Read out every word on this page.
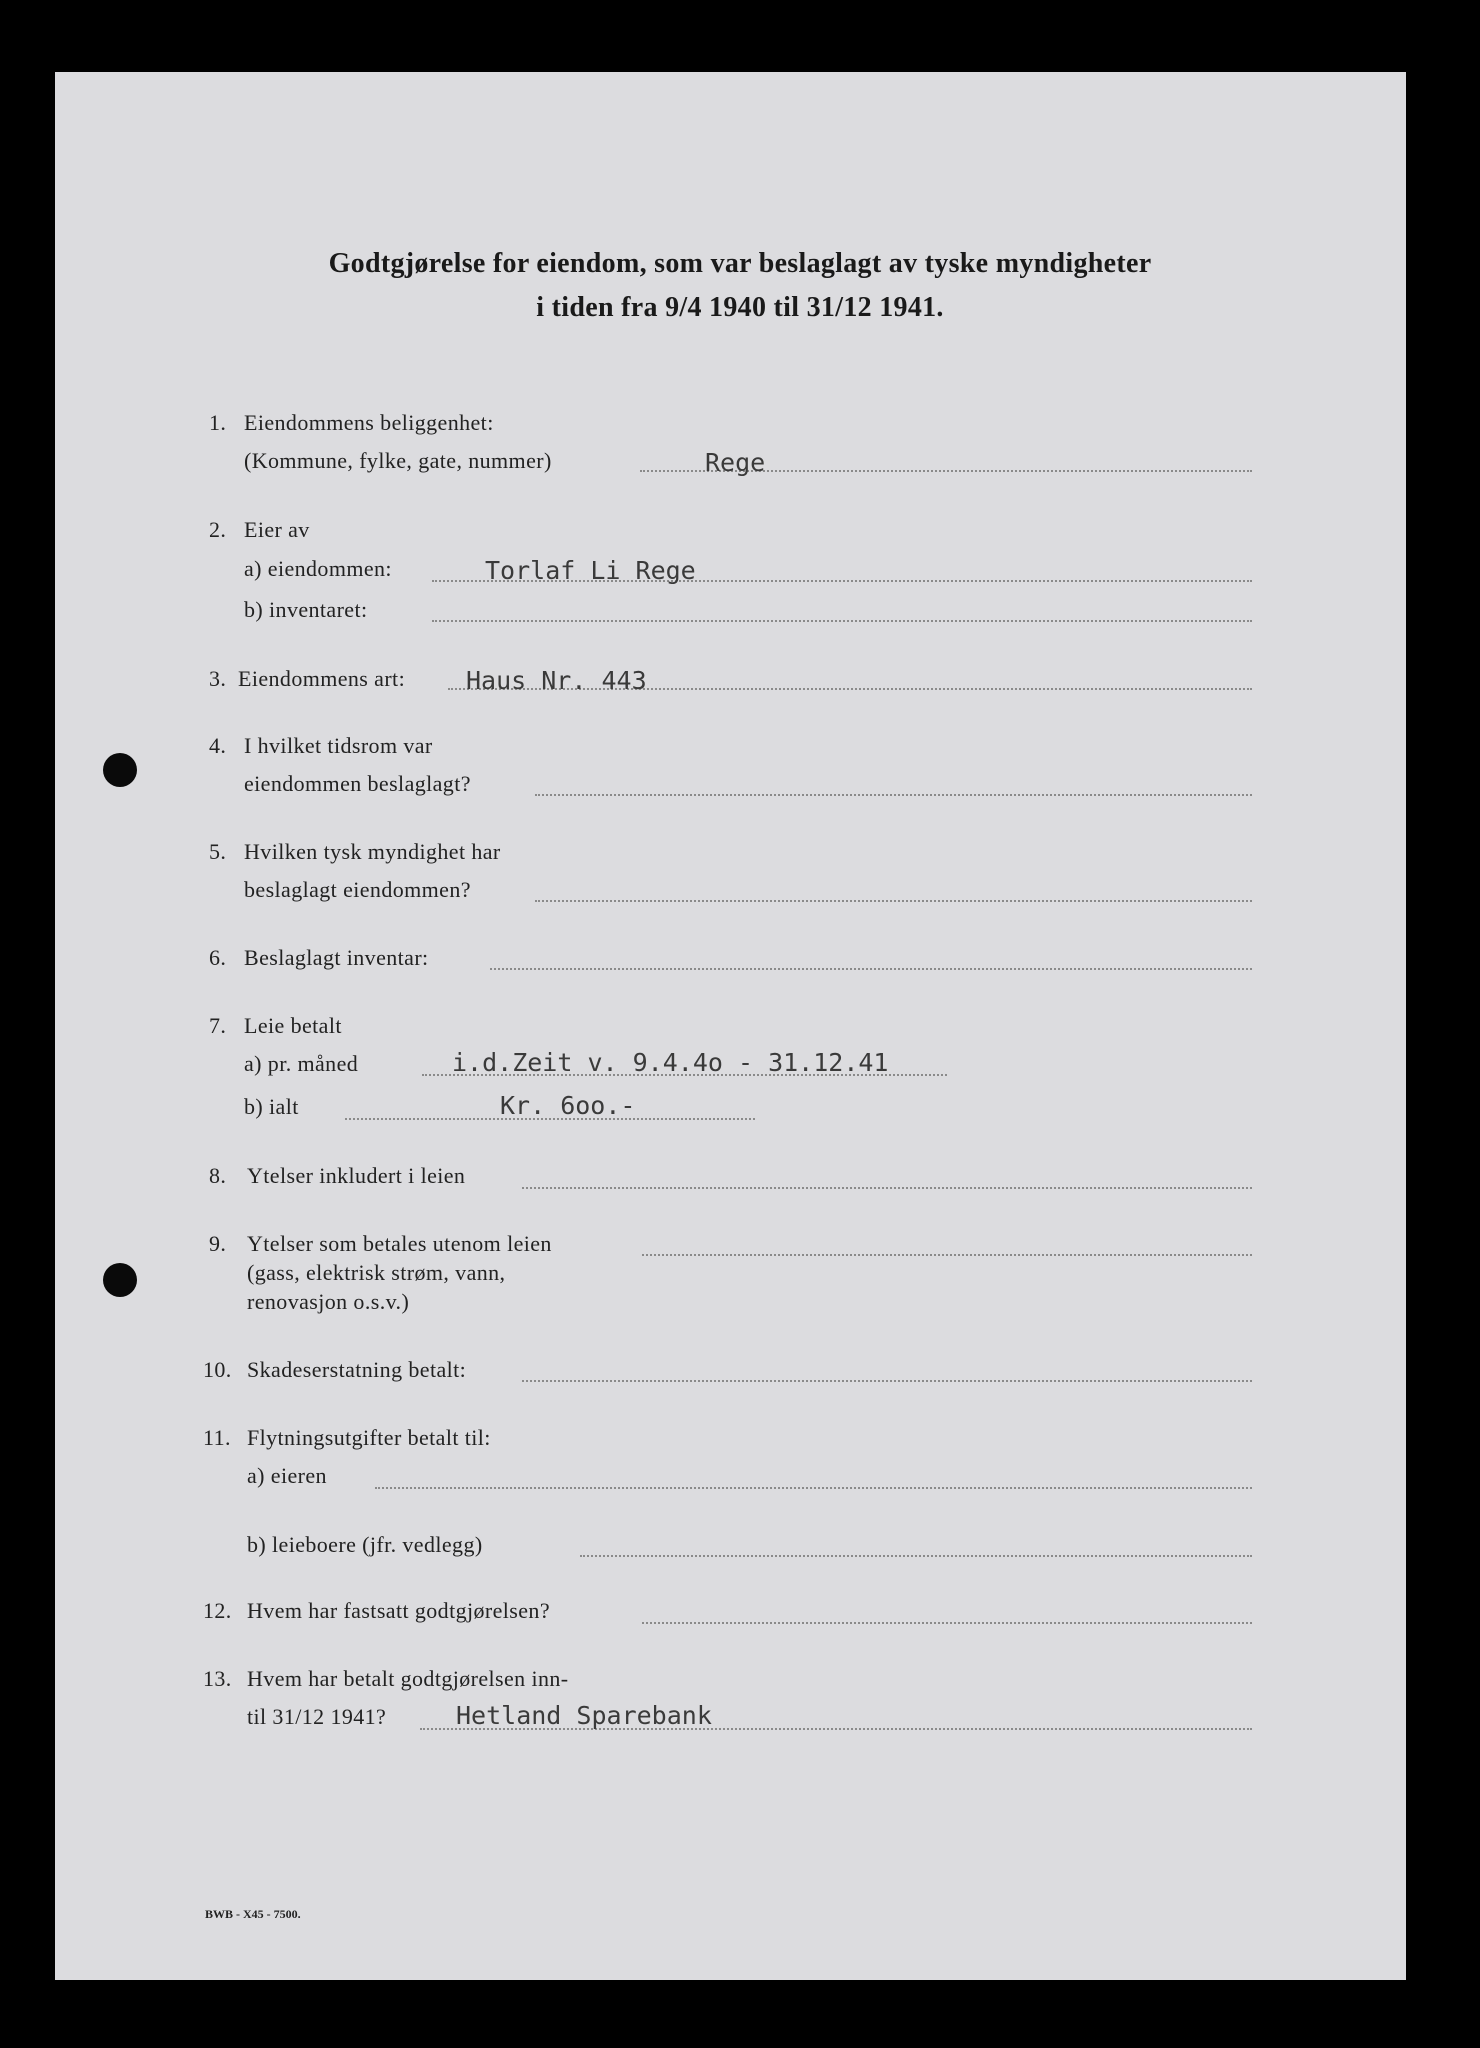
Godtgjørelse for eiendom, som var beslaglagt av tyske myndigheter
i tiden fra 9/4 1940 til 31/12 1941.
1. Eiendommens beliggenhet:
(Kommune, fylke, gate, nummer)	Rege
2. Eier av
a) eiendommen:	Torlaf Li Rege
b) inventaret:
3. Eiendommens art: Haus Nr. 443
4. I hvilket tidsrom var
eiendommen beslaglagt?
5. Hvilken tysk myndighet har
beslaglagt eiendommen?
6. Beslaglagt inventar:
7. Leie betalt
a) pr. måned	i.d.Zeit v. 9.4.4o - 31.12.41
b) ialt	Kr. 6oo.-
8. Ytelser inkludert i leien
9. Ytelser som betales utenom leien
(gass, elektrisk strøm, vann,
renovasjon o.s.v.)
10. Skadeserstatning betalt:
11. Flytningsutgifter betalt til:
a) eieren
b) leieboere (jfr. vedlegg)
12. Hvem har fastsatt godtgjørelsen?
13. Hvem har betalt godtgjørelsen inn-
til 31/12 1941?	Hetland Sparebank
BWB - X45 - 7500.
